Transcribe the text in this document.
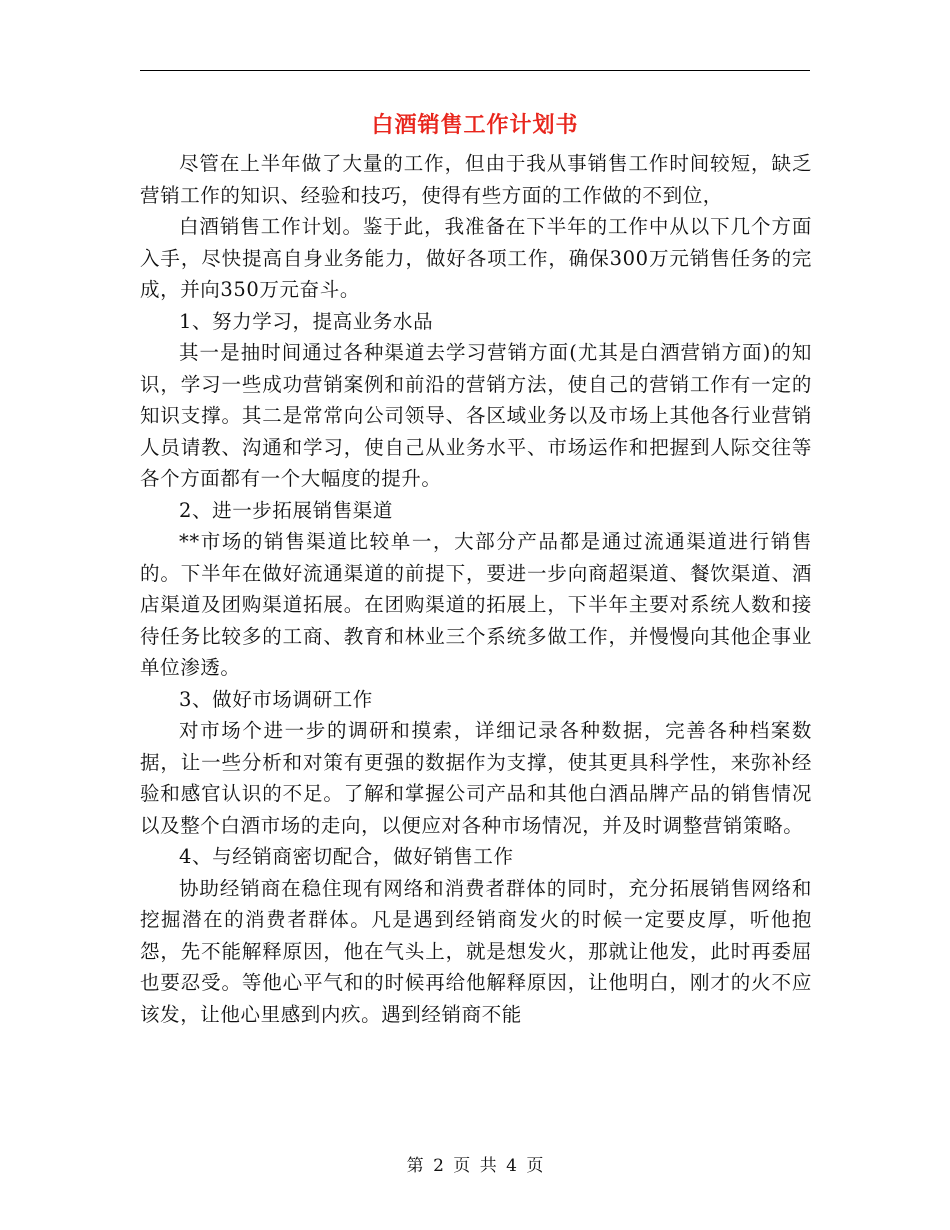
白酒销售工作计划书

尽管在上半年做了大量的工作，但由于我从事销售工作时间较短，缺乏营销工作的知识、经验和技巧，使得有些方面的工作做的不到位，

白酒销售工作计划。鉴于此，我准备在下半年的工作中从以下几个方面入手，尽快提高自身业务能力，做好各项工作，确保300万元销售任务的完成，并向350万元奋斗。

1、努力学习，提高业务水品

其一是抽时间通过各种渠道去学习营销方面(尤其是白酒营销方面)的知识，学习一些成功营销案例和前沿的营销方法，使自己的营销工作有一定的知识支撑。其二是常常向公司领导、各区域业务以及市场上其他各行业营销人员请教、沟通和学习，使自己从业务水平、市场运作和把握到人际交往等各个方面都有一个大幅度的提升。

2、进一步拓展销售渠道

**市场的销售渠道比较单一，大部分产品都是通过流通渠道进行销售的。下半年在做好流通渠道的前提下，要进一步向商超渠道、餐饮渠道、酒店渠道及团购渠道拓展。在团购渠道的拓展上，下半年主要对系统人数和接待任务比较多的工商、教育和林业三个系统多做工作，并慢慢向其他企事业单位渗透。

3、做好市场调研工作

对市场个进一步的调研和摸索，详细记录各种数据，完善各种档案数据，让一些分析和对策有更强的数据作为支撑，使其更具科学性，来弥补经验和感官认识的不足。了解和掌握公司产品和其他白酒品牌产品的销售情况以及整个白酒市场的走向，以便应对各种市场情况，并及时调整营销策略。

4、与经销商密切配合，做好销售工作

协助经销商在稳住现有网络和消费者群体的同时，充分拓展销售网络和挖掘潜在的消费者群体。凡是遇到经销商发火的时候一定要皮厚，听他抱怨，先不能解释原因，他在气头上，就是想发火，那就让他发，此时再委屈也要忍受。等他心平气和的时候再给他解释原因，让他明白，刚才的火不应该发，让他心里感到内疚。遇到经销商不能

第 2 页 共 4 页
